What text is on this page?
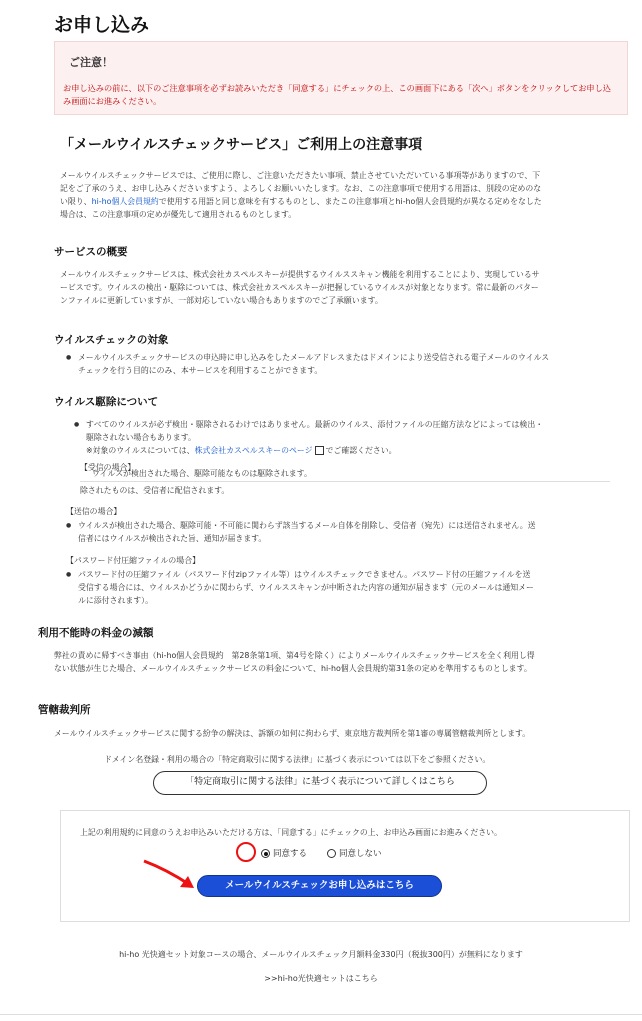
お申し込み
ご注意！
お申し込みの前に、以下のご注意事項を必ずお読みいただき「同意する」にチェックの上、この画面下にある「次へ」ボタンをクリックしてお申し込み画面にお進みください。
「メールウイルスチェックサービス」ご利用上の注意事項
メールウイルスチェックサービスでは、ご使用に際し、ご注意いただきたい事項、禁止させていただいている事項等がありますので、下
記をご了承のうえ、お申し込みくださいますよう、よろしくお願いいたします。なお、この注意事項で使用する用語は、別段の定めのな
い限り、hi-ho個人会員規約で使用する用語と同じ意味を有するものとし、またこの注意事項とhi-ho個人会員規約が異なる定めをなした
場合は、この注意事項の定めが優先して適用されるものとします。
サービスの概要
メールウイルスチェックサービスは、株式会社カスペルスキーが提供するウイルススキャン機能を利用することにより、実現しているサ
ービスです。ウイルスの検出・駆除については、株式会社カスペルスキーが把握しているウイルスが対象となります。常に最新のパター
ンファイルに更新していますが、一部対応していない場合もありますのでご了承願います。
ウイルスチェックの対象
● メールウイルスチェックサービスの申込時に申し込みをしたメールアドレスまたはドメインにより送受信される電子メールのウイルス
チェックを行う目的にのみ、本サービスを利用することができます。
ウイルス駆除について
● すべてのウイルスが必ず検出・駆除されるわけではありません。最新のウイルス、添付ファイルの圧縮方法などによっては検出・
駆除されない場合もあります。
※対象のウイルスについては、株式会社カスペルスキーのページ でご確認ください。
【受信の場合】
ウイルスが検出された場合、駆除可能なものは駆除されます。
除されたものは、受信者に配信されます。
【送信の場合】
● ウイルスが検出された場合、駆除可能・不可能に関わらず該当するメール自体を削除し、受信者（宛先）には送信されません。送
信者にはウイルスが検出された旨、通知が届きます。
【パスワード付圧縮ファイルの場合】
● パスワード付の圧縮ファイル（パスワード付zipファイル等）はウイルスチェックできません。パスワード付の圧縮ファイルを送
受信する場合には、ウイルスかどうかに関わらず、ウイルススキャンが中断された内容の通知が届きます（元のメールは通知メー
ルに添付されます）。
利用不能時の料金の減額
弊社の責めに帰すべき事由（hi-ho個人会員規約　第28条第1項、第4号を除く）によりメールウイルスチェックサービスを全く利用し得
ない状態が生じた場合、メールウイルスチェックサービスの料金について、hi-ho個人会員規約第31条の定めを準用するものとします。
管轄裁判所
メールウイルスチェックサービスに関する紛争の解決は、訴額の如何に拘わらず、東京地方裁判所を第1審の専属管轄裁判所とします。
ドメイン名登録・利用の場合の「特定商取引に関する法律」に基づく表示については以下をご参照ください。
「特定商取引に関する法律」に基づく表示について詳しくはこちら
上記の利用規約に同意のうえお申込みいただける方は、「同意する」にチェックの上、お申込み画面にお進みください。
同意する	同意しない
メールウイルスチェックお申し込みはこちら
hi-ho 光快適セット対象コースの場合、メールウイルスチェック月額料金330円（税抜300円）が無料になります
>>hi-ho光快適セットはこちら
